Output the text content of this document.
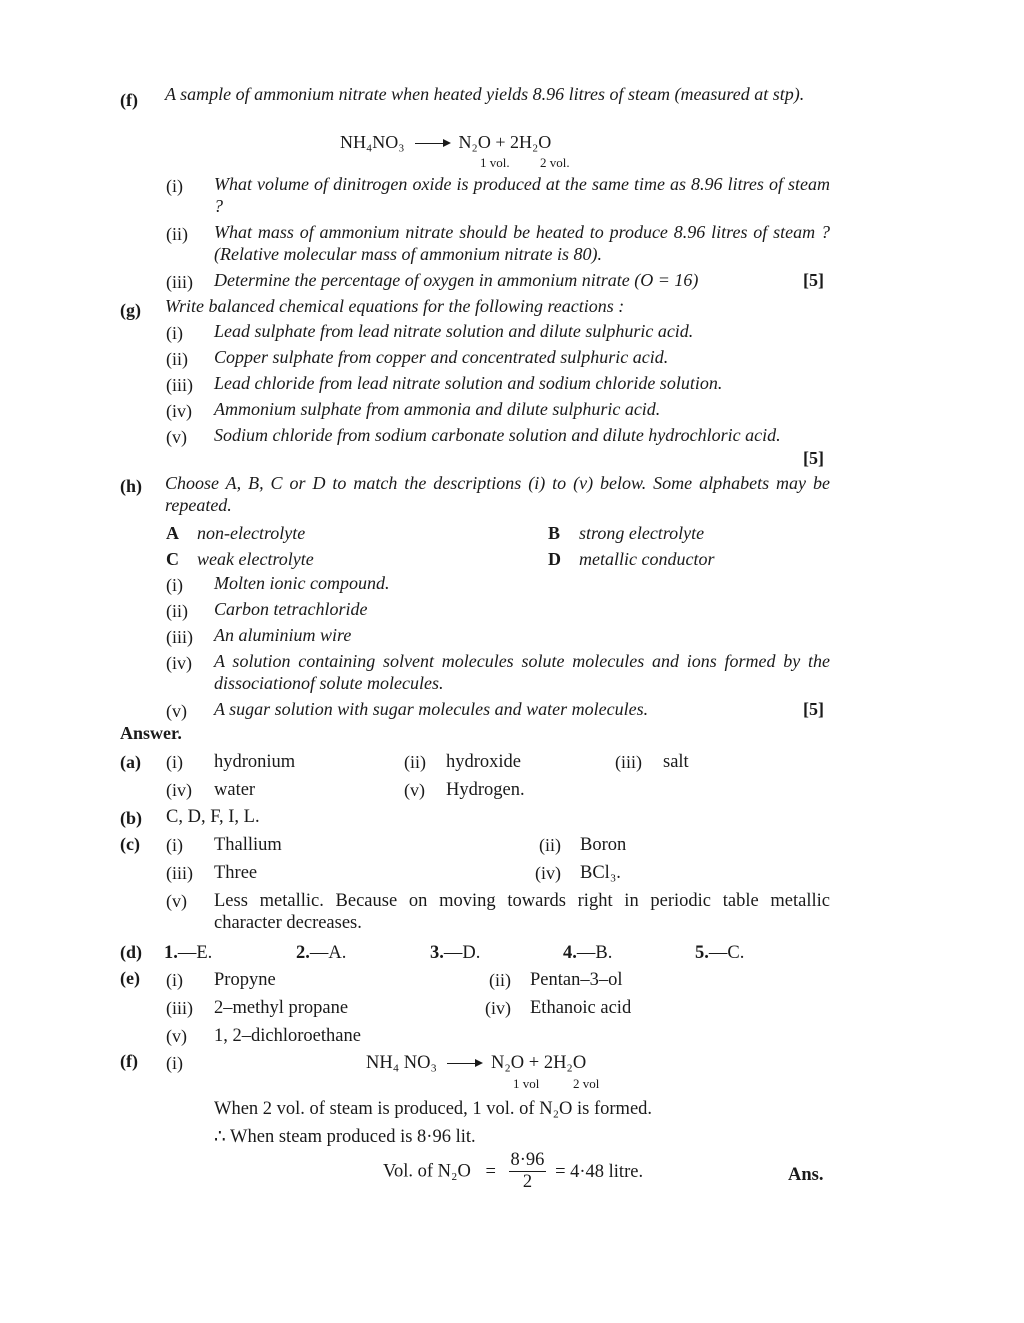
(f) A sample of ammonium nitrate when heated yields 8.96 litres of steam (measured at stp).
NH₄NO₃	N₂O + 2H₂O
1 vol. 2 vol.
(i) What volume of dinitrogen oxide is produced at the same time as 8.96 litres of steam ?
(ii) What mass of ammonium nitrate should be heated to produce 8.96 litres of steam ? (Relative molecular mass of ammonium nitrate is 80).
(iii) Determine the percentage of oxygen in ammonium nitrate (O = 16)	[5]
(g) Write balanced chemical equations for the following reactions :
(i) Lead sulphate from lead nitrate solution and dilute sulphuric acid.
(ii) Copper sulphate from copper and concentrated sulphuric acid.
(iii) Lead chloride from lead nitrate solution and sodium chloride solution.
(iv) Ammonium sulphate from ammonia and dilute sulphuric acid.
(v) Sodium chloride from sodium carbonate solution and dilute hydrochloric acid.
[5]
(h) Choose A, B, C or D to match the descriptions (i) to (v) below. Some alphabets may be repeated.
A non-electrolyte	B strong electrolyte
C weak electrolyte	D metallic conductor
(i) Molten ionic compound.
(ii) Carbon tetrachloride
(iii) An aluminium wire
(iv) A solution containing solvent molecules solute molecules and ions formed by the dissociationof solute molecules.
(v) A sugar solution with sugar molecules and water molecules.	[5]
Answer.
(a) (i) hydronium	(ii) hydroxide	(iii) salt
(iv) water	(v) Hydrogen.
(b) C, D, F, I, L.
(c) (i) Thallium	(ii) Boron
(iii) Three	(iv) BCl₃.
(v) Less metallic. Because on moving towards right in periodic table metallic character decreases.
(d) 1.—E.	2.—A.	3.—D.	4.—B.	5.—C.
(e) (i) Propyne	(ii) Pentan–3–ol
(iii) 2–methyl propane	(iv) Ethanoic acid
(v) 1, 2–dichloroethane
(f) (i)	NH₄ NO₃	N₂O + 2H₂O
1 vol	2 vol
When 2 vol. of steam is produced, 1 vol. of N₂O is formed.
∴ When steam produced is 8·96 lit.
Vol. of $N_2O = \frac{8\cdot 96}{2} = 4\cdot 48$ litre.	Ans.
